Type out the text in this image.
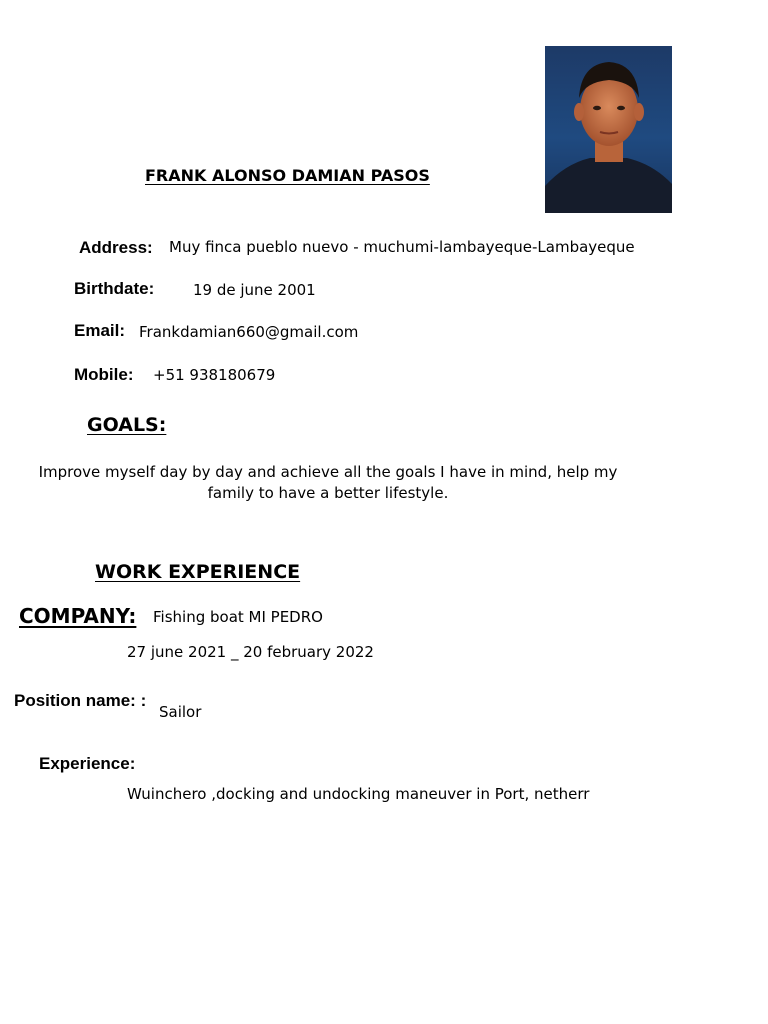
FRANK ALONSO DAMIAN PASOS
Address: Muy finca pueblo nuevo - muchumi-lambayeque-Lambayeque
Birthdate:	19 de june 2001
Email: Frankdamian660@gmail.com
Mobile: +51 938180679
GOALS:
Improve myself day by day and achieve all the goals I have in mind, help my family to have a better lifestyle.
WORK EXPERIENCE
COMPANY: Fishing boat MI PEDRO
27 june 2021 _ 20 february 2022
Position name: :
Sailor
Experience:
Wuinchero ,docking and undocking maneuver in Port, netherr
